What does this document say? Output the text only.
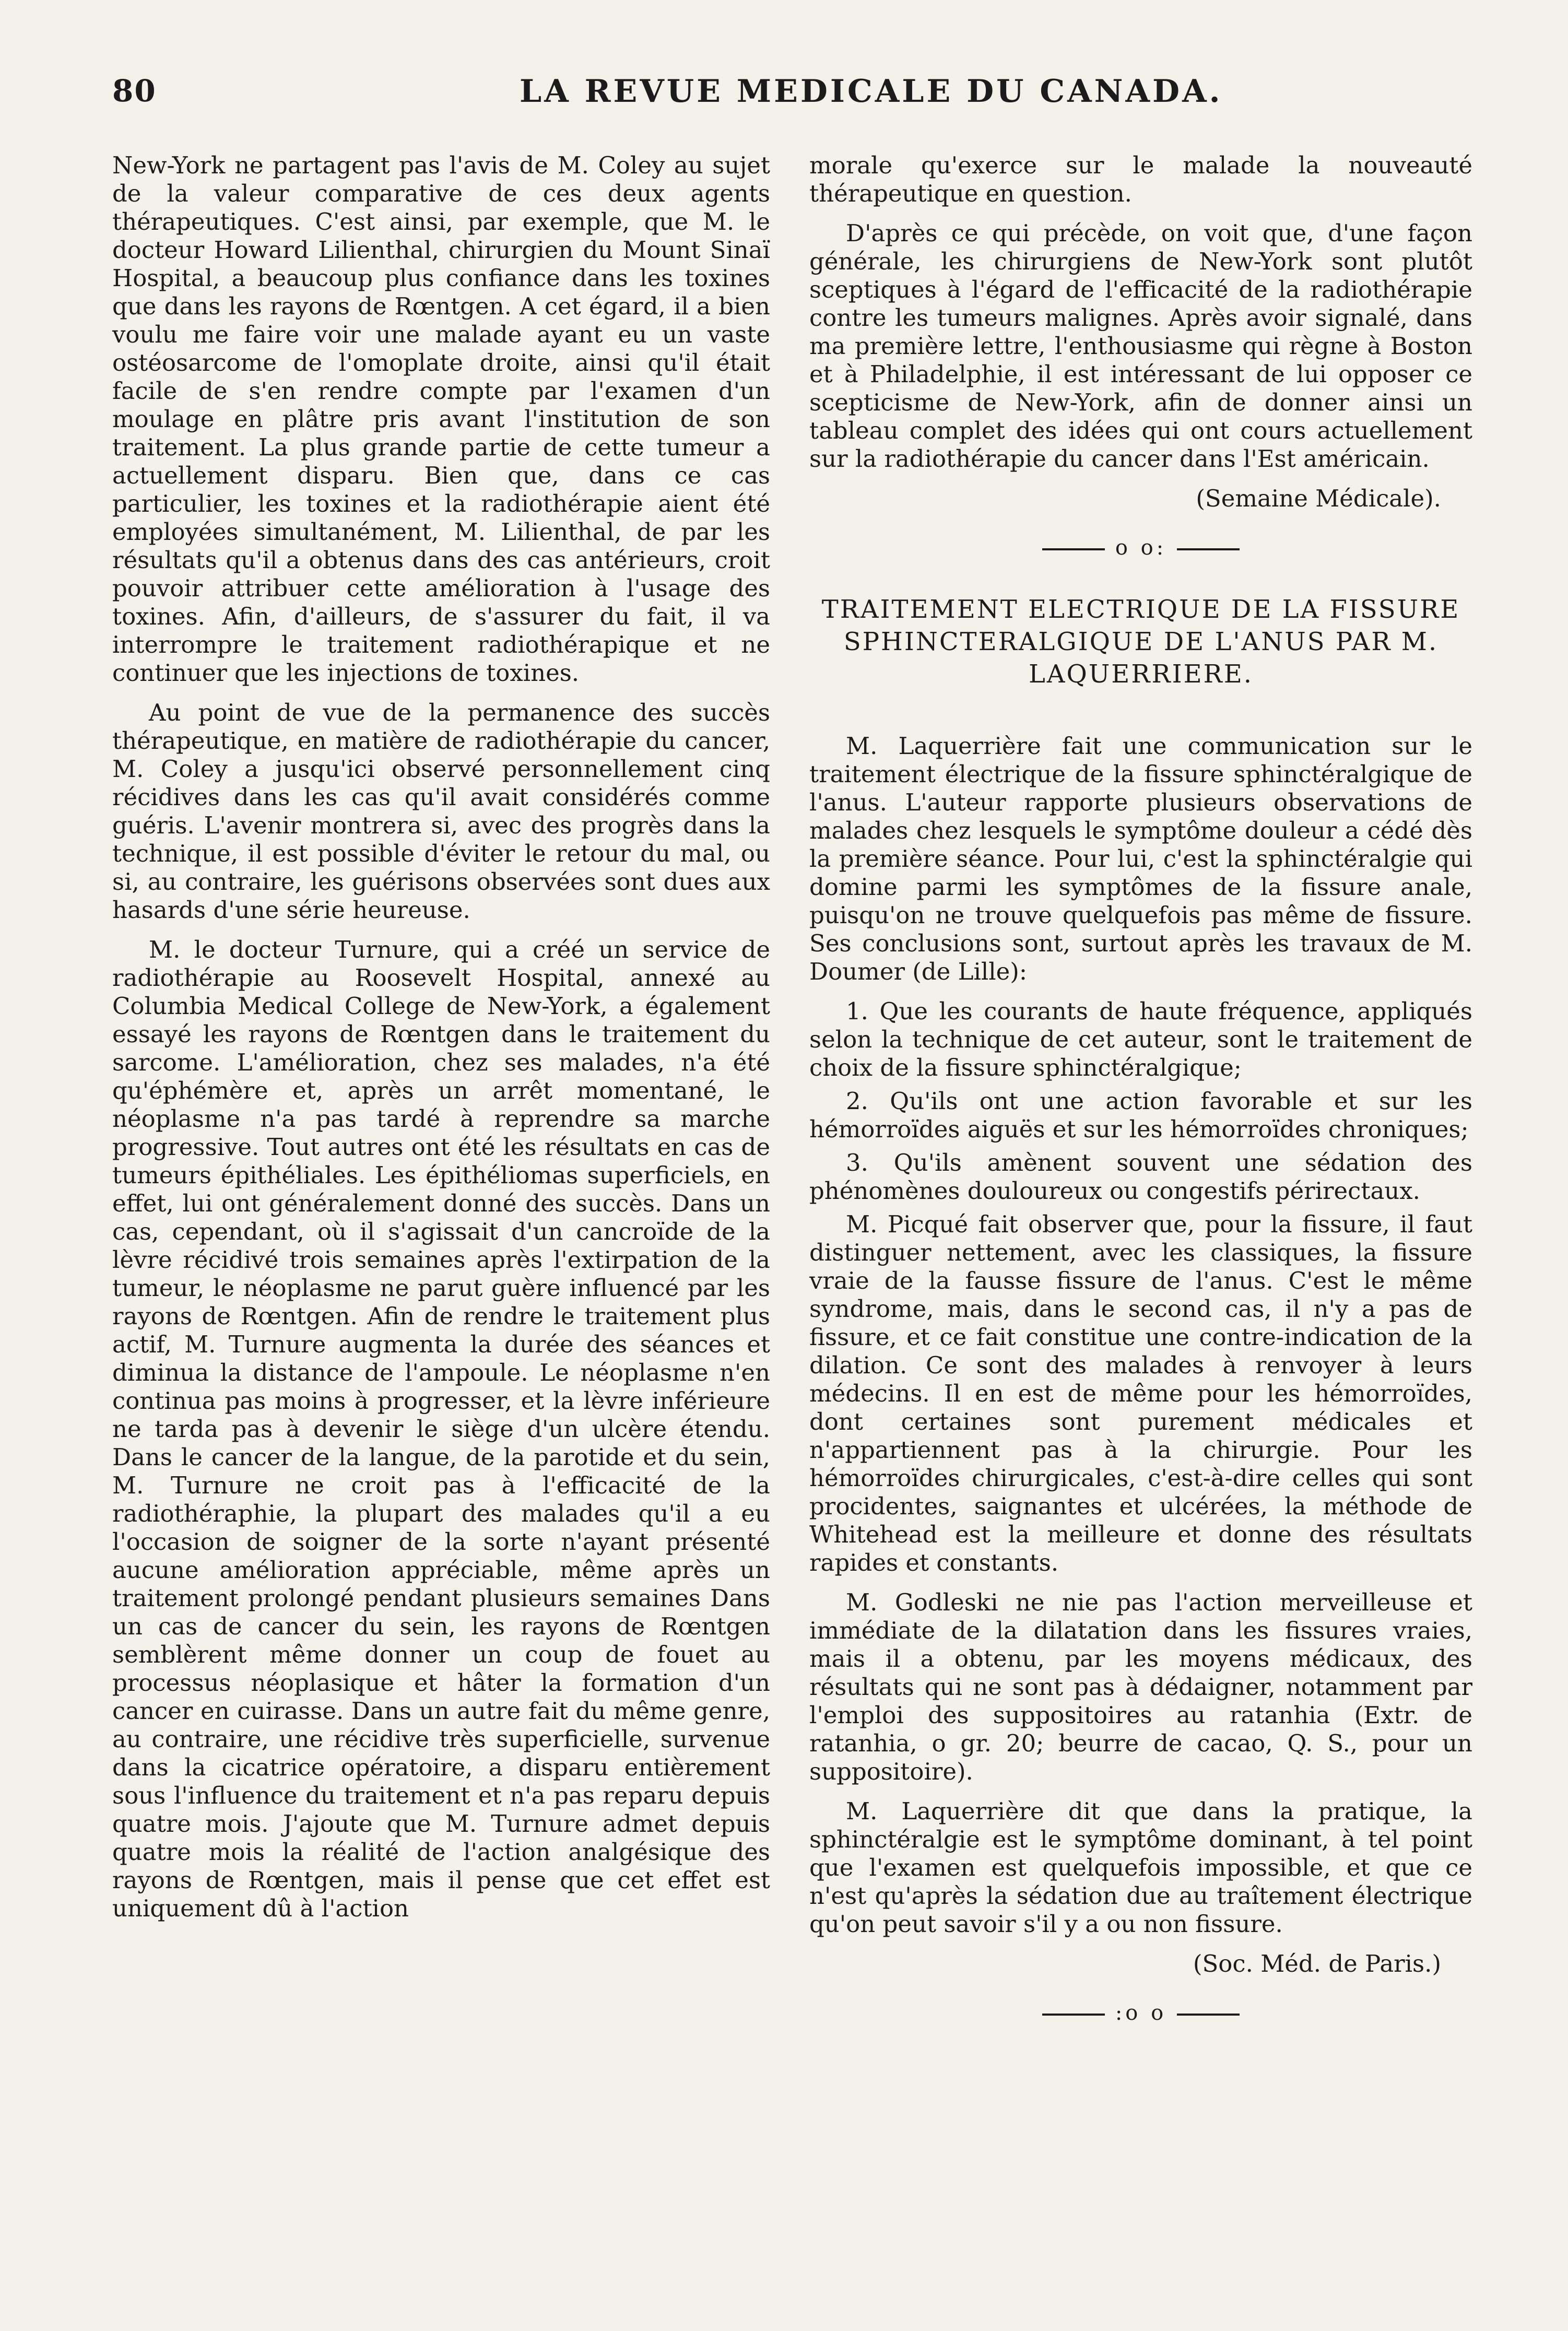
80	LA REVUE MEDICALE DU CANADA.

New-York ne partagent pas l'avis de M. Coley au sujet de la valeur comparative de ces deux agents thérapeutiques. C'est ainsi, par exemple, que M. le docteur Howard Lilienthal, chirurgien du Mount Sinaï Hospital, a beaucoup plus confiance dans les toxines que dans les rayons de Rœntgen. A cet égard, il a bien voulu me faire voir une malade ayant eu un vaste ostéosarcome de l'omoplate droite, ainsi qu'il était facile de s'en rendre compte par l'examen d'un moulage en plâtre pris avant l'institution de son traitement. La plus grande partie de cette tumeur a actuellement disparu. Bien que, dans ce cas particulier, les toxines et la radiothérapie aient été employées simultanément, M. Lilienthal, de par les résultats qu'il a obtenus dans des cas antérieurs, croit pouvoir attribuer cette amélioration à l'usage des toxines. Afin, d'ailleurs, de s'assurer du fait, il va interrompre le traitement radiothérapique et ne continuer que les injections de toxines.

Au point de vue de la permanence des succès thérapeutique, en matière de radiothérapie du cancer, M. Coley a jusqu'ici observé personnellement cinq récidives dans les cas qu'il avait considérés comme guéris. L'avenir montrera si, avec des progrès dans la technique, il est possible d'éviter le retour du mal, ou si, au contraire, les guérisons observées sont dues aux hasards d'une série heureuse.

M. le docteur Turnure, qui a créé un service de radiothérapie au Roosevelt Hospital, annexé au Columbia Medical College de New-York, a également essayé les rayons de Rœntgen dans le traitement du sarcome. L'amélioration, chez ses malades, n'a été qu'éphémère et, après un arrêt momentané, le néoplasme n'a pas tardé à reprendre sa marche progressive. Tout autres ont été les résultats en cas de tumeurs épithéliales. Les épithéliomas superficiels, en effet, lui ont généralement donné des succès. Dans un cas, cependant, où il s'agissait d'un cancroïde de la lèvre récidivé trois semaines après l'extirpation de la tumeur, le néoplasme ne parut guère influencé par les rayons de Rœntgen. Afin de rendre le traitement plus actif, M. Turnure augmenta la durée des séances et diminua la distance de l'ampoule. Le néoplasme n'en continua pas moins à progresser, et la lèvre inférieure ne tarda pas à devenir le siège d'un ulcère étendu. Dans le cancer de la langue, de la parotide et du sein, M. Turnure ne croit pas à l'efficacité de la radiothéraphie, la plupart des malades qu'il a eu l'occasion de soigner de la sorte n'ayant présenté aucune amélioration appréciable, même après un traitement prolongé pendant plusieurs semaines Dans un cas de cancer du sein, les rayons de Rœntgen semblèrent même donner un coup de fouet au processus néoplasique et hâter la formation d'un cancer en cuirasse. Dans un autre fait du même genre, au contraire, une récidive très superficielle, survenue dans la cicatrice opératoire, a disparu entièrement sous l'influence du traitement et n'a pas reparu depuis quatre mois. J'ajoute que M. Turnure admet depuis quatre mois la réalité de l'action analgésique des rayons de Rœntgen, mais il pense que cet effet est uniquement dû à l'action

morale qu'exerce sur le malade la nouveauté thérapeutique en question.

D'après ce qui précède, on voit que, d'une façon générale, les chirurgiens de New-York sont plutôt sceptiques à l'égard de l'efficacité de la radiothérapie contre les tumeurs malignes. Après avoir signalé, dans ma première lettre, l'enthousiasme qui règne à Boston et à Philadelphie, il est intéressant de lui opposer ce scepticisme de New-York, afin de donner ainsi un tableau complet des idées qui ont cours actuellement sur la radiothérapie du cancer dans l'Est américain.

(Semaine Médicale).
o o:
TRAITEMENT ELECTRIQUE DE LA FISSURE SPHINCTERALGIQUE DE L'ANUS PAR M. LAQUERRIERE.

M. Laquerrière fait une communication sur le traitement électrique de la fissure sphinctéralgique de l'anus. L'auteur rapporte plusieurs observations de malades chez lesquels le symptôme douleur a cédé dès la première séance. Pour lui, c'est la sphinctéralgie qui domine parmi les symptômes de la fissure anale, puisqu'on ne trouve quelquefois pas même de fissure. Ses conclusions sont, surtout après les travaux de M. Doumer (de Lille):

1. Que les courants de haute fréquence, appliqués selon la technique de cet auteur, sont le traitement de choix de la fissure sphinctéralgique;

2. Qu'ils ont une action favorable et sur les hémorroïdes aiguës et sur les hémorroïdes chroniques;

3. Qu'ils amènent souvent une sédation des phénomènes douloureux ou congestifs périrectaux.

M. Picqué fait observer que, pour la fissure, il faut distinguer nettement, avec les classiques, la fissure vraie de la fausse fissure de l'anus. C'est le même syndrome, mais, dans le second cas, il n'y a pas de fissure, et ce fait constitue une contre-indication de la dilation. Ce sont des malades à renvoyer à leurs médecins. Il en est de même pour les hémorroïdes, dont certaines sont purement médicales et n'appartiennent pas à la chirurgie. Pour les hémorroïdes chirurgicales, c'est-à-dire celles qui sont procidentes, saignantes et ulcérées, la méthode de Whitehead est la meilleure et donne des résultats rapides et constants.

M. Godleski ne nie pas l'action merveilleuse et immédiate de la dilatation dans les fissures vraies, mais il a obtenu, par les moyens médicaux, des résultats qui ne sont pas à dédaigner, notamment par l'emploi des suppositoires au ratanhia (Extr. de ratanhia, o gr. 20; beurre de cacao, Q. S., pour un suppositoire).

M. Laquerrière dit que dans la pratique, la sphinctéralgie est le symptôme dominant, à tel point que l'examen est quelquefois impossible, et que ce n'est qu'après la sédation due au traîtement électrique qu'on peut savoir s'il y a ou non fissure.

(Soc. Méd. de Paris.)
:o o
